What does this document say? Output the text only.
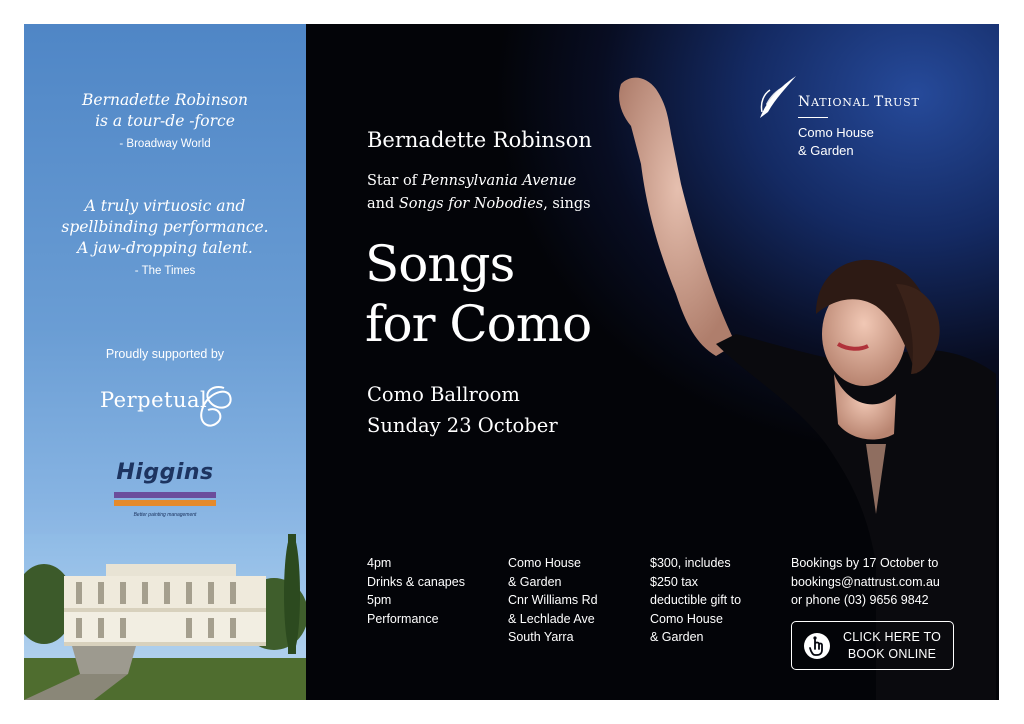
Bernadette Robinson
is a tour-de -force
- Broadway World
A truly virtuosic and
spellbinding performance.
A jaw-dropping talent.
- The Times
Proudly supported by
Perpetual
Higgins
Better painting management
Bernadette Robinson
Star of Pennsylvania Avenue
and Songs for Nobodies, sings
Songs
for Como
Como Ballroom
Sunday 23 October
4pm
Drinks & canapes
5pm
Performance
Como House
& Garden
Cnr Williams Rd
& Lechlade Ave
South Yarra
$300, includes
$250 tax
deductible gift to
Como House
& Garden
Bookings by 17 October to
bookings@nattrust.com.au
or phone (03) 9656 9842
CLICK HERE TO
BOOK ONLINE
NATIONAL TRUST
Como House
& Garden
